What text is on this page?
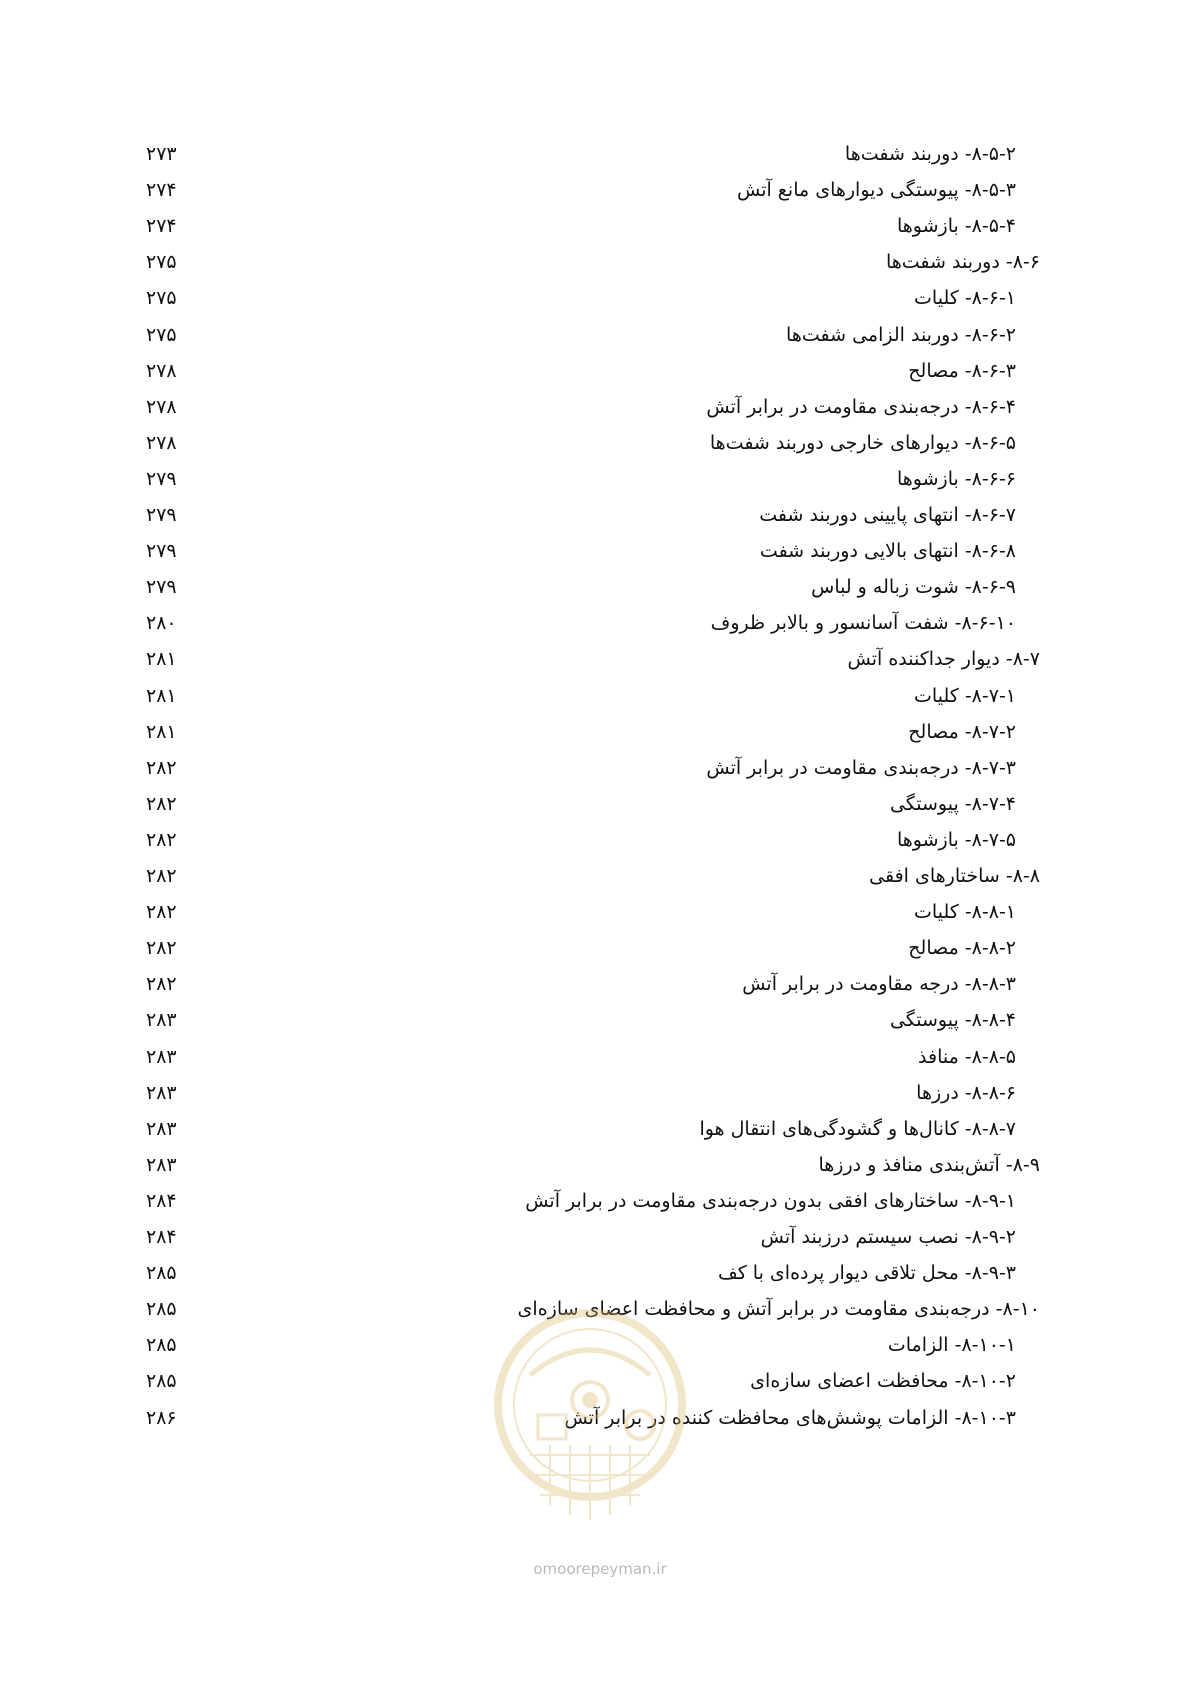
۸-۵-۲- دوربند شفت‌ها
۲۷۳
۸-۵-۳- پیوستگی دیوارهای مانع آتش
۲۷۴
۸-۵-۴- بازشوها
۲۷۴
۸-۶- دوربند شفت‌ها
۲۷۵
۸-۶-۱- کلیات
۲۷۵
۸-۶-۲- دوربند الزامی شفت‌ها
۲۷۵
۸-۶-۳- مصالح
۲۷۸
۸-۶-۴- درجه‌بندی مقاومت در برابر آتش
۲۷۸
۸-۶-۵- دیوارهای خارجی دوربند شفت‌ها
۲۷۸
۸-۶-۶- بازشوها
۲۷۹
۸-۶-۷- انتهای پایینی دوربند شفت
۲۷۹
۸-۶-۸- انتهای بالایی دوربند شفت
۲۷۹
۸-۶-۹- شوت زباله و لباس
۲۷۹
۸-۶-۱۰- شفت آسانسور و بالابر ظروف
۲۸۰
۸-۷- دیوار جداکننده آتش
۲۸۱
۸-۷-۱- کلیات
۲۸۱
۸-۷-۲- مصالح
۲۸۱
۸-۷-۳- درجه‌بندی مقاومت در برابر آتش
۲۸۲
۸-۷-۴- پیوستگی
۲۸۲
۸-۷-۵- بازشوها
۲۸۲
۸-۸- ساختارهای افقی
۲۸۲
۸-۸-۱- کلیات
۲۸۲
۸-۸-۲- مصالح
۲۸۲
۸-۸-۳- درجه مقاومت در برابر آتش
۲۸۲
۸-۸-۴- پیوستگی
۲۸۳
۸-۸-۵- منافذ
۲۸۳
۸-۸-۶- درزها
۲۸۳
۸-۸-۷- کانال‌ها و گشودگی‌های انتقال هوا
۲۸۳
۸-۹- آتش‌بندی منافذ و درزها
۲۸۳
۸-۹-۱- ساختارهای افقی بدون درجه‌بندی مقاومت در برابر آتش
۲۸۴
۸-۹-۲- نصب سیستم درزبند آتش
۲۸۴
۸-۹-۳- محل تلاقی دیوار پرده‌ای با کف
۲۸۵
۸-۱۰- درجه‌بندی مقاومت در برابر آتش و محافظت اعضای سازه‌ای
۲۸۵
۸-۱۰-۱- الزامات
۲۸۵
۸-۱۰-۲- محافظت اعضای سازه‌ای
۲۸۵
۸-۱۰-۳- الزامات پوشش‌های محافظت کننده در برابر آتش
۲۸۶
omoorepeyman.ir
